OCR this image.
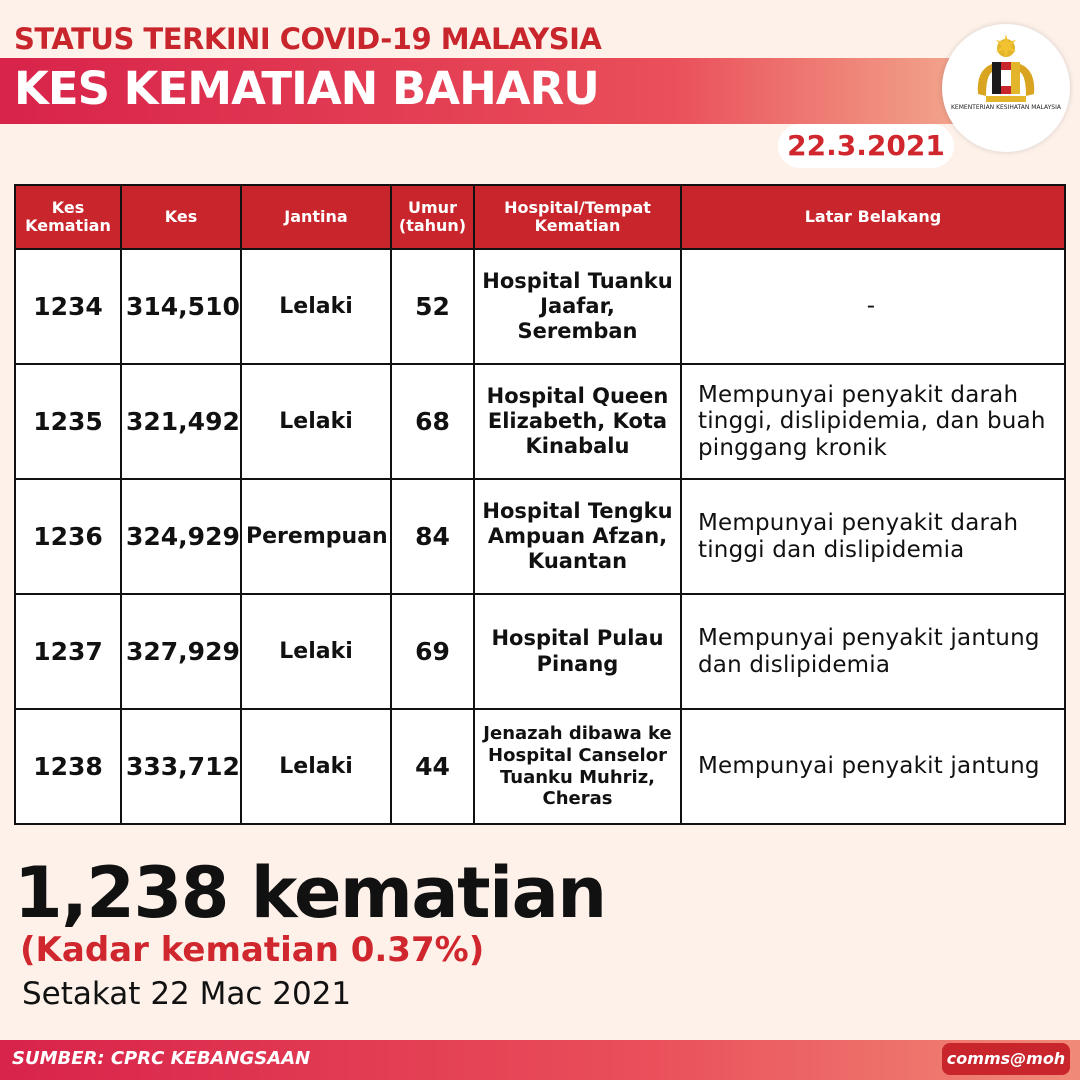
STATUS TERKINI COVID-19 MALAYSIA
KES KEMATIAN BAHARU	KEMENTERIAN KESIHATAN MALAYSIA
22.3.2021
Kes Kematian	Kes	Jantina	Umur (tahun)	Hospital/Tempat Kematian	Latar Belakang
1234	314,510	Lelaki	52	Hospital Tuanku Jaafar, Seremban	-
1235	321,492	Lelaki	68	Hospital Queen Elizabeth, Kota Kinabalu	Mempunyai penyakit darah tinggi, dislipidemia, dan buah pinggang kronik
1236	324,929	Perempuan	84	Hospital Tengku Ampuan Afzan, Kuantan	Mempunyai penyakit darah tinggi dan dislipidemia
1237	327,929	Lelaki	69	Hospital Pulau Pinang	Mempunyai penyakit jantung dan dislipidemia
1238	333,712	Lelaki	44	Jenazah dibawa ke Hospital Canselor Tuanku Muhriz, Cheras	Mempunyai penyakit jantung
1,238 kematian
(Kadar kematian 0.37%)
Setakat 22 Mac 2021
SUMBER: CPRC KEBANGSAAN	comms@moh
